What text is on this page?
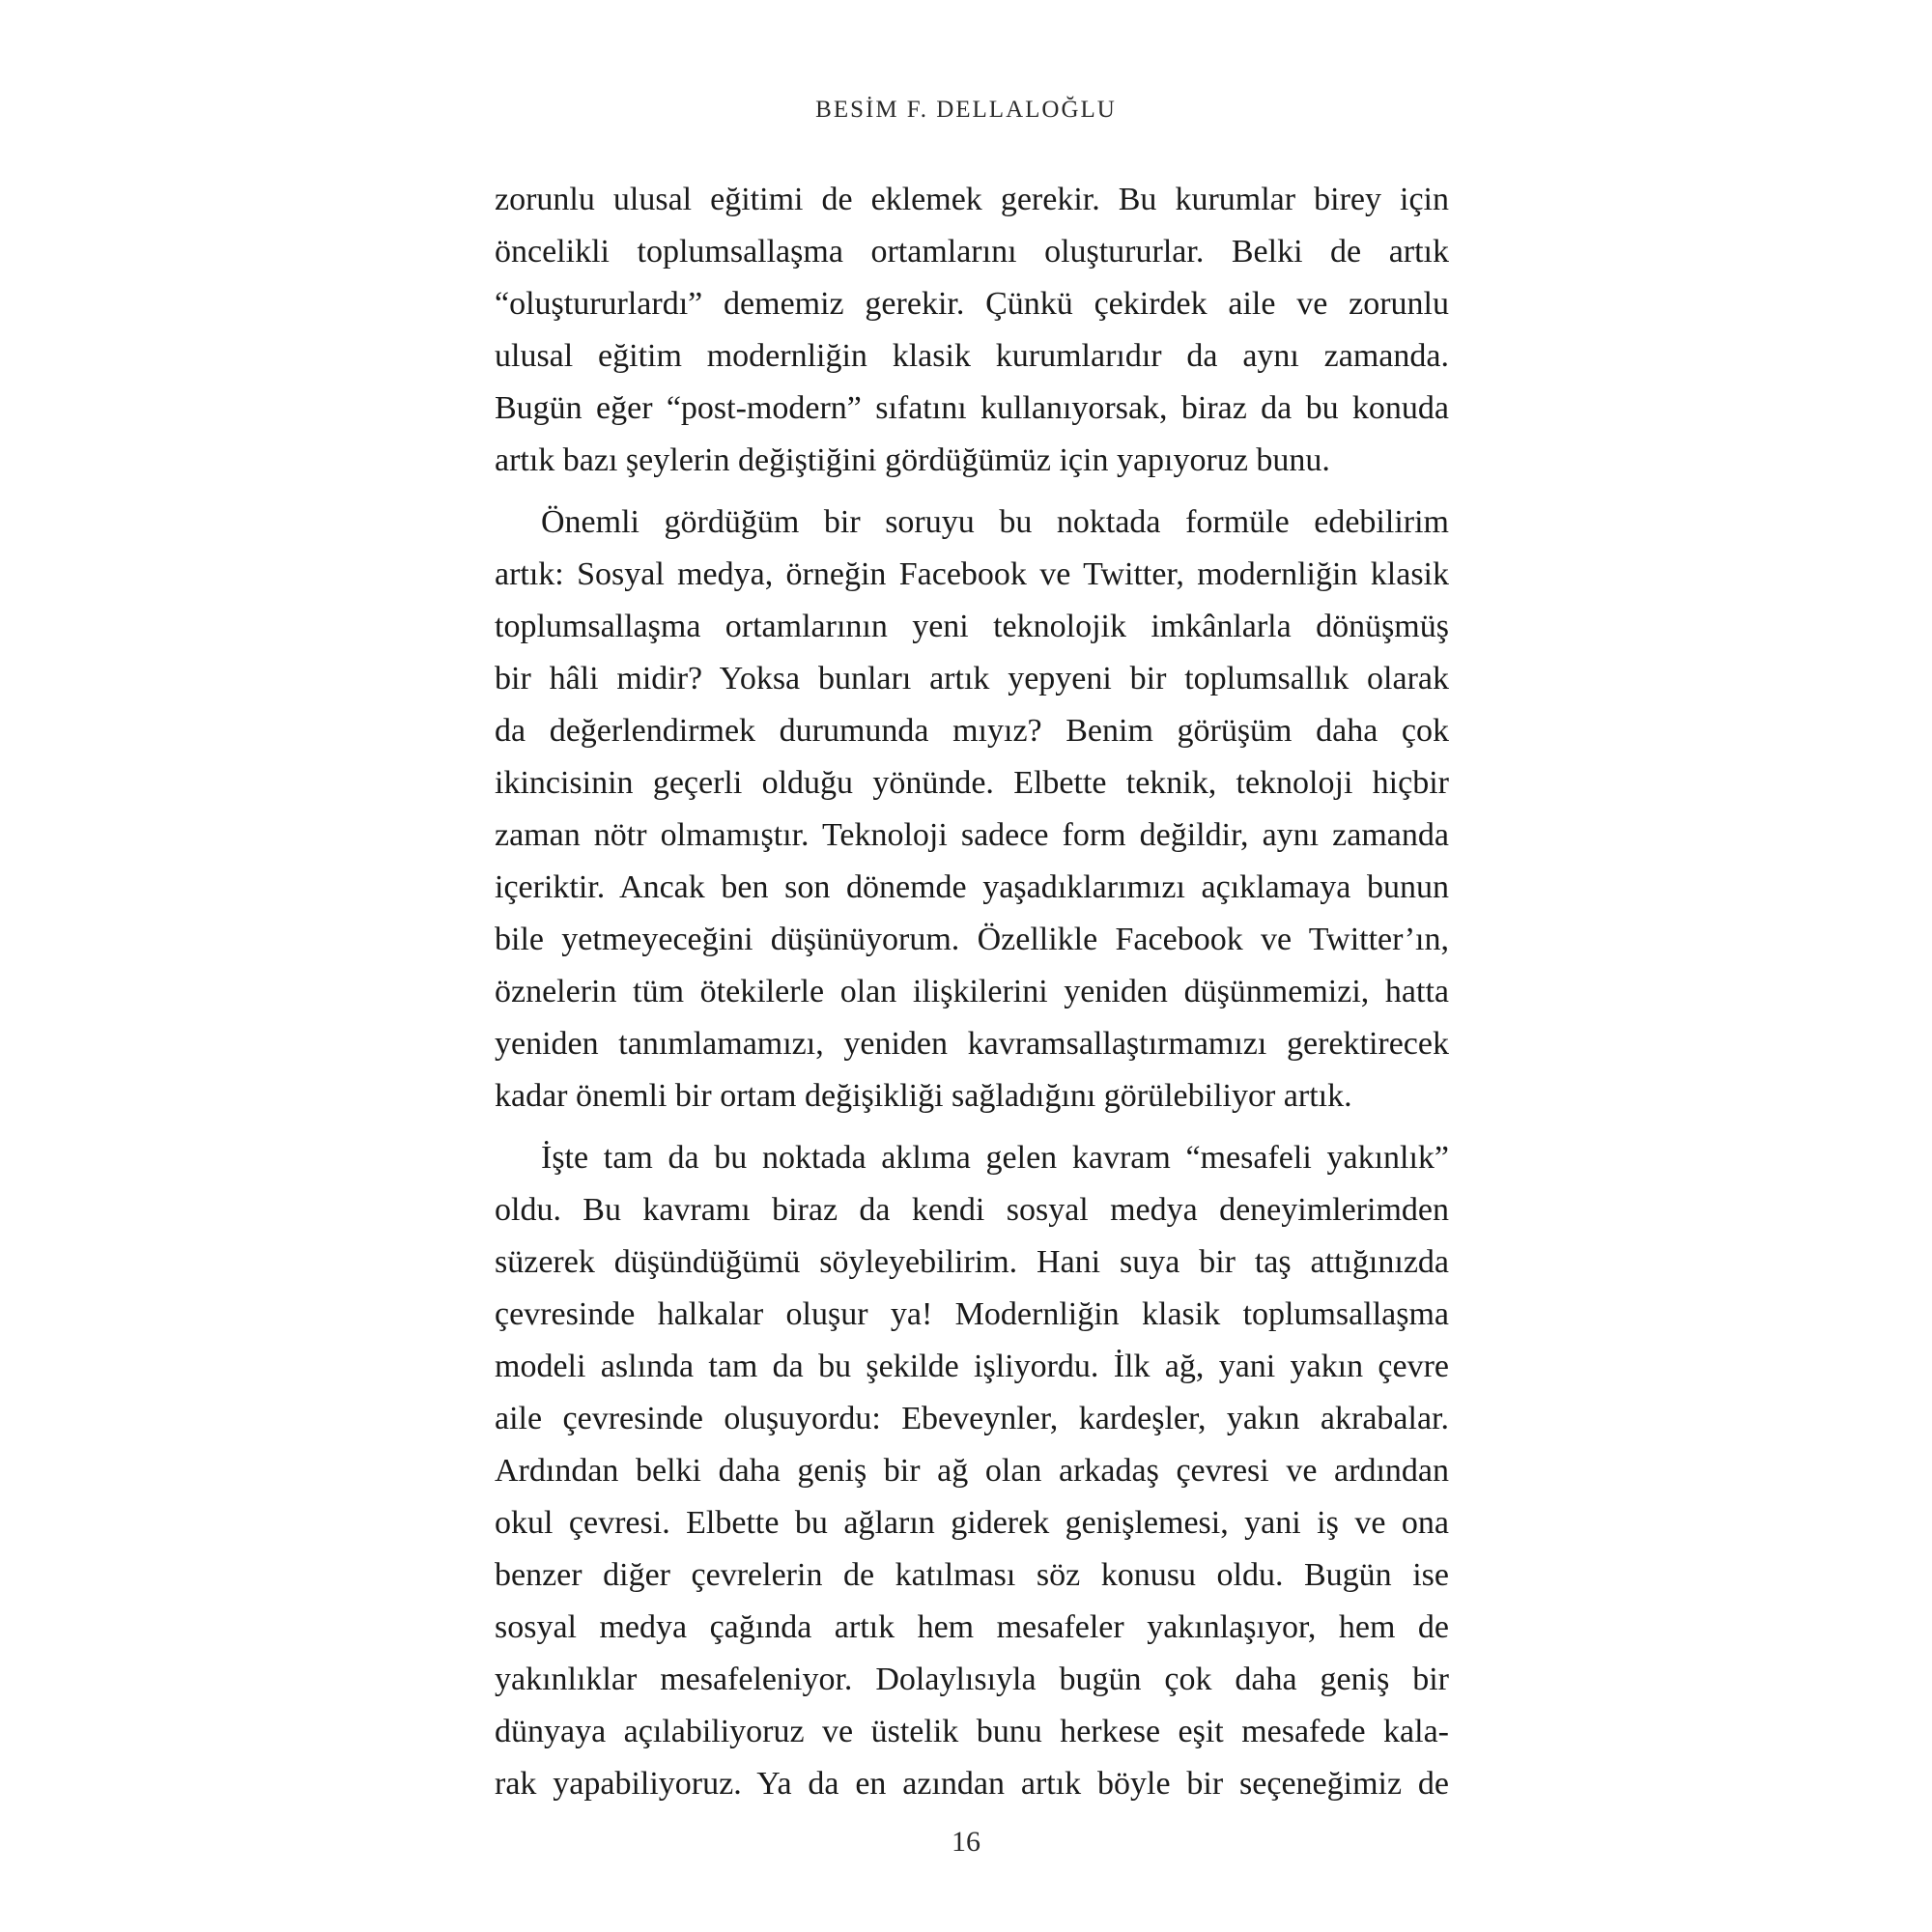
BESİM F. DELLALOĞLU
zorunlu ulusal eğitimi de eklemek gerekir. Bu kurumlar birey için
öncelikli toplumsallaşma ortamlarını oluştururlar. Belki de artık
“oluştururlardı” dememiz gerekir. Çünkü çekirdek aile ve zorunlu
ulusal eğitim modernliğin klasik kurumlarıdır da aynı zamanda.
Bugün eğer “post-modern” sıfatını kullanıyorsak, biraz da bu konuda
artık bazı şeylerin değiştiğini gördüğümüz için yapıyoruz bunu.
Önemli gördüğüm bir soruyu bu noktada formüle edebilirim
artık: Sosyal medya, örneğin Facebook ve Twitter, modernliğin klasik
toplumsallaşma ortamlarının yeni teknolojik imkânlarla dönüşmüş
bir hâli midir? Yoksa bunları artık yepyeni bir toplumsallık olarak
da değerlendirmek durumunda mıyız? Benim görüşüm daha çok
ikincisinin geçerli olduğu yönünde. Elbette teknik, teknoloji hiçbir
zaman nötr olmamıştır. Teknoloji sadece form değildir, aynı zamanda
içeriktir. Ancak ben son dönemde yaşadıklarımızı açıklamaya bunun
bile yetmeyeceğini düşünüyorum. Özellikle Facebook ve Twitter’ın,
öznelerin tüm ötekilerle olan ilişkilerini yeniden düşünmemizi, hatta
yeniden tanımlamamızı, yeniden kavramsallaştırmamızı gerektirecek
kadar önemli bir ortam değişikliği sağladığını görülebiliyor artık.
İşte tam da bu noktada aklıma gelen kavram “mesafeli yakınlık”
oldu. Bu kavramı biraz da kendi sosyal medya deneyimlerimden
süzerek düşündüğümü söyleyebilirim. Hani suya bir taş attığınızda
çevresinde halkalar oluşur ya! Modernliğin klasik toplumsallaşma
modeli aslında tam da bu şekilde işliyordu. İlk ağ, yani yakın çevre
aile çevresinde oluşuyordu: Ebeveynler, kardeşler, yakın akrabalar.
Ardından belki daha geniş bir ağ olan arkadaş çevresi ve ardından
okul çevresi. Elbette bu ağların giderek genişlemesi, yani iş ve ona
benzer diğer çevrelerin de katılması söz konusu oldu. Bugün ise
sosyal medya çağında artık hem mesafeler yakınlaşıyor, hem de
yakınlıklar mesafeleniyor. Dolaylısıyla bugün çok daha geniş bir
dünyaya açılabiliyoruz ve üstelik bunu herkese eşit mesafede kala-
rak yapabiliyoruz. Ya da en azından artık böyle bir seçeneğimiz de
16
